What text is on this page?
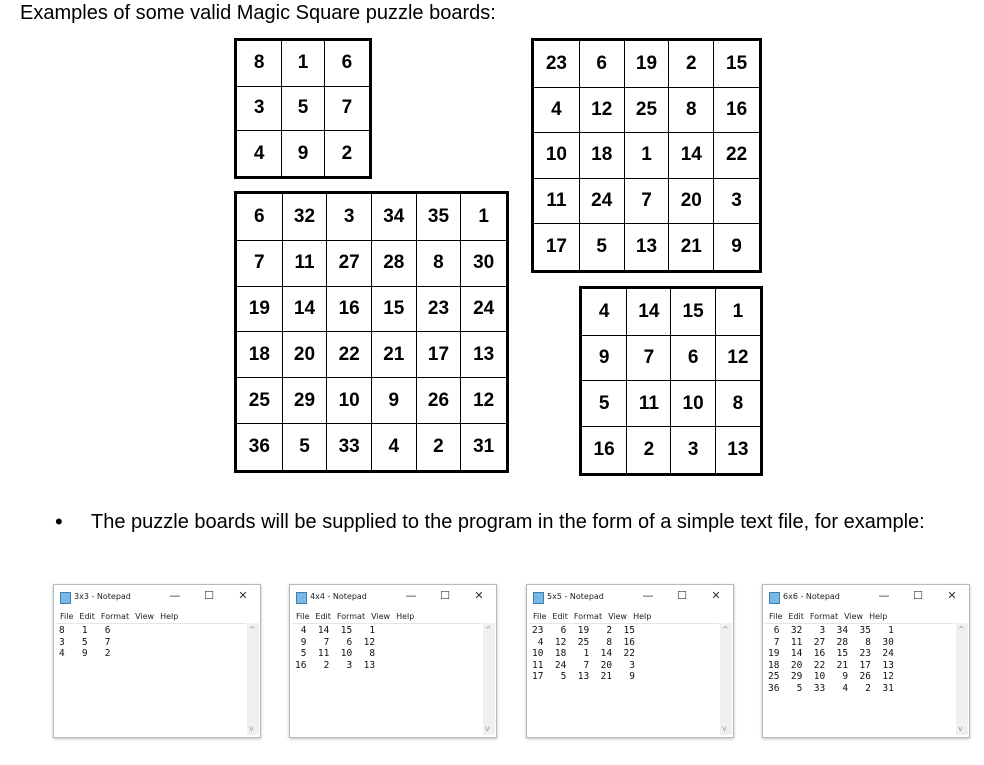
Examples of some valid Magic Square puzzle boards:
8	1	6
3	5	7
4	9	2
23	6	19	2	15
4	12	25	8	16
10	18	1	14	22
11	24	7	20	3
17	5	13	21	9
6	32	3	34	35	1
7	11	27	28	8	30
19	14	16	15	23	24
18	20	22	21	17	13
25	29	10	9	26	12
36	5	33	4	2	31
4	14	15	1
9	7	6	12
5	11	10	8
16	2	3	13
• The puzzle boards will be supplied to the program in the form of a simple text file, for example:
3x3 - Notepad	— ☐ ✕
File Edit Format View Help
8   1   6
3   5   7
4   9   2
^
v
4x4 - Notepad	— ☐ ✕
File Edit Format View Help
4  14  15   1
9   7   6  12
5  11  10   8
16   2   3  13
^
v
5x5 - Notepad	— ☐ ✕
File Edit Format View Help
23   6  19   2  15
4  12  25   8  16
10  18   1  14  22
11  24   7  20   3
17   5  13  21   9
^
v
6x6 - Notepad	— ☐ ✕
File Edit Format View Help
6  32   3  34  35   1
7  11  27  28   8  30
19  14  16  15  23  24
18  20  22  21  17  13
25  29  10   9  26  12
36   5  33   4   2  31
^
v
